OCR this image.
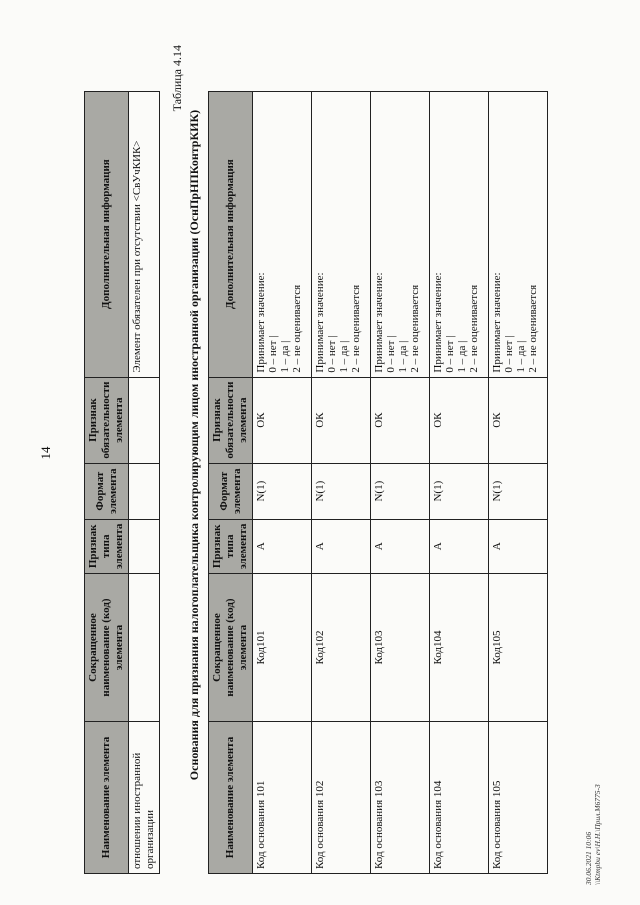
14
Наименование элемента	Сокращенное наименование (код) элемента	Признак типа элемента	Формат элемента	Признак обязательности элемента	Дополнительная информация
отношении иностранной организации					Элемент обязателен при отсутствии <СвУчКИК>
Таблица 4.14
Основания для признания налогоплательщика контролирующим лицом иностранной организации (ОснПрНПКонтрКИК)
Наименование элемента	Сокращенное наименование (код) элемента	Признак типа элемента	Формат элемента	Признак обязательности элемента	Дополнительная информация
Код основания 101	Код101	А	N(1)	ОК	Принимает значение: 0 – нет | 1 – да | 2 – не оценивается

Код основания 102	Код102	А	N(1)	ОК	Принимает значение: 0 – нет | 1 – да | 2 – не оценивается

Код основания 103	Код103	А	N(1)	ОК	Принимает значение: 0 – нет | 1 – да | 2 – не оценивается

Код основания 104	Код104	А	N(1)	ОК	Принимает значение: 0 – нет | 1 – да | 2 – не оценивается

Код основания 105	Код105	А	N(1)	ОК	Принимает значение: 0 – нет | 1 – да | 2 – не оценивается
30.06.2021 10:06 \\Ktmpbu ev\Н.Н.\Прил.М6775-3
